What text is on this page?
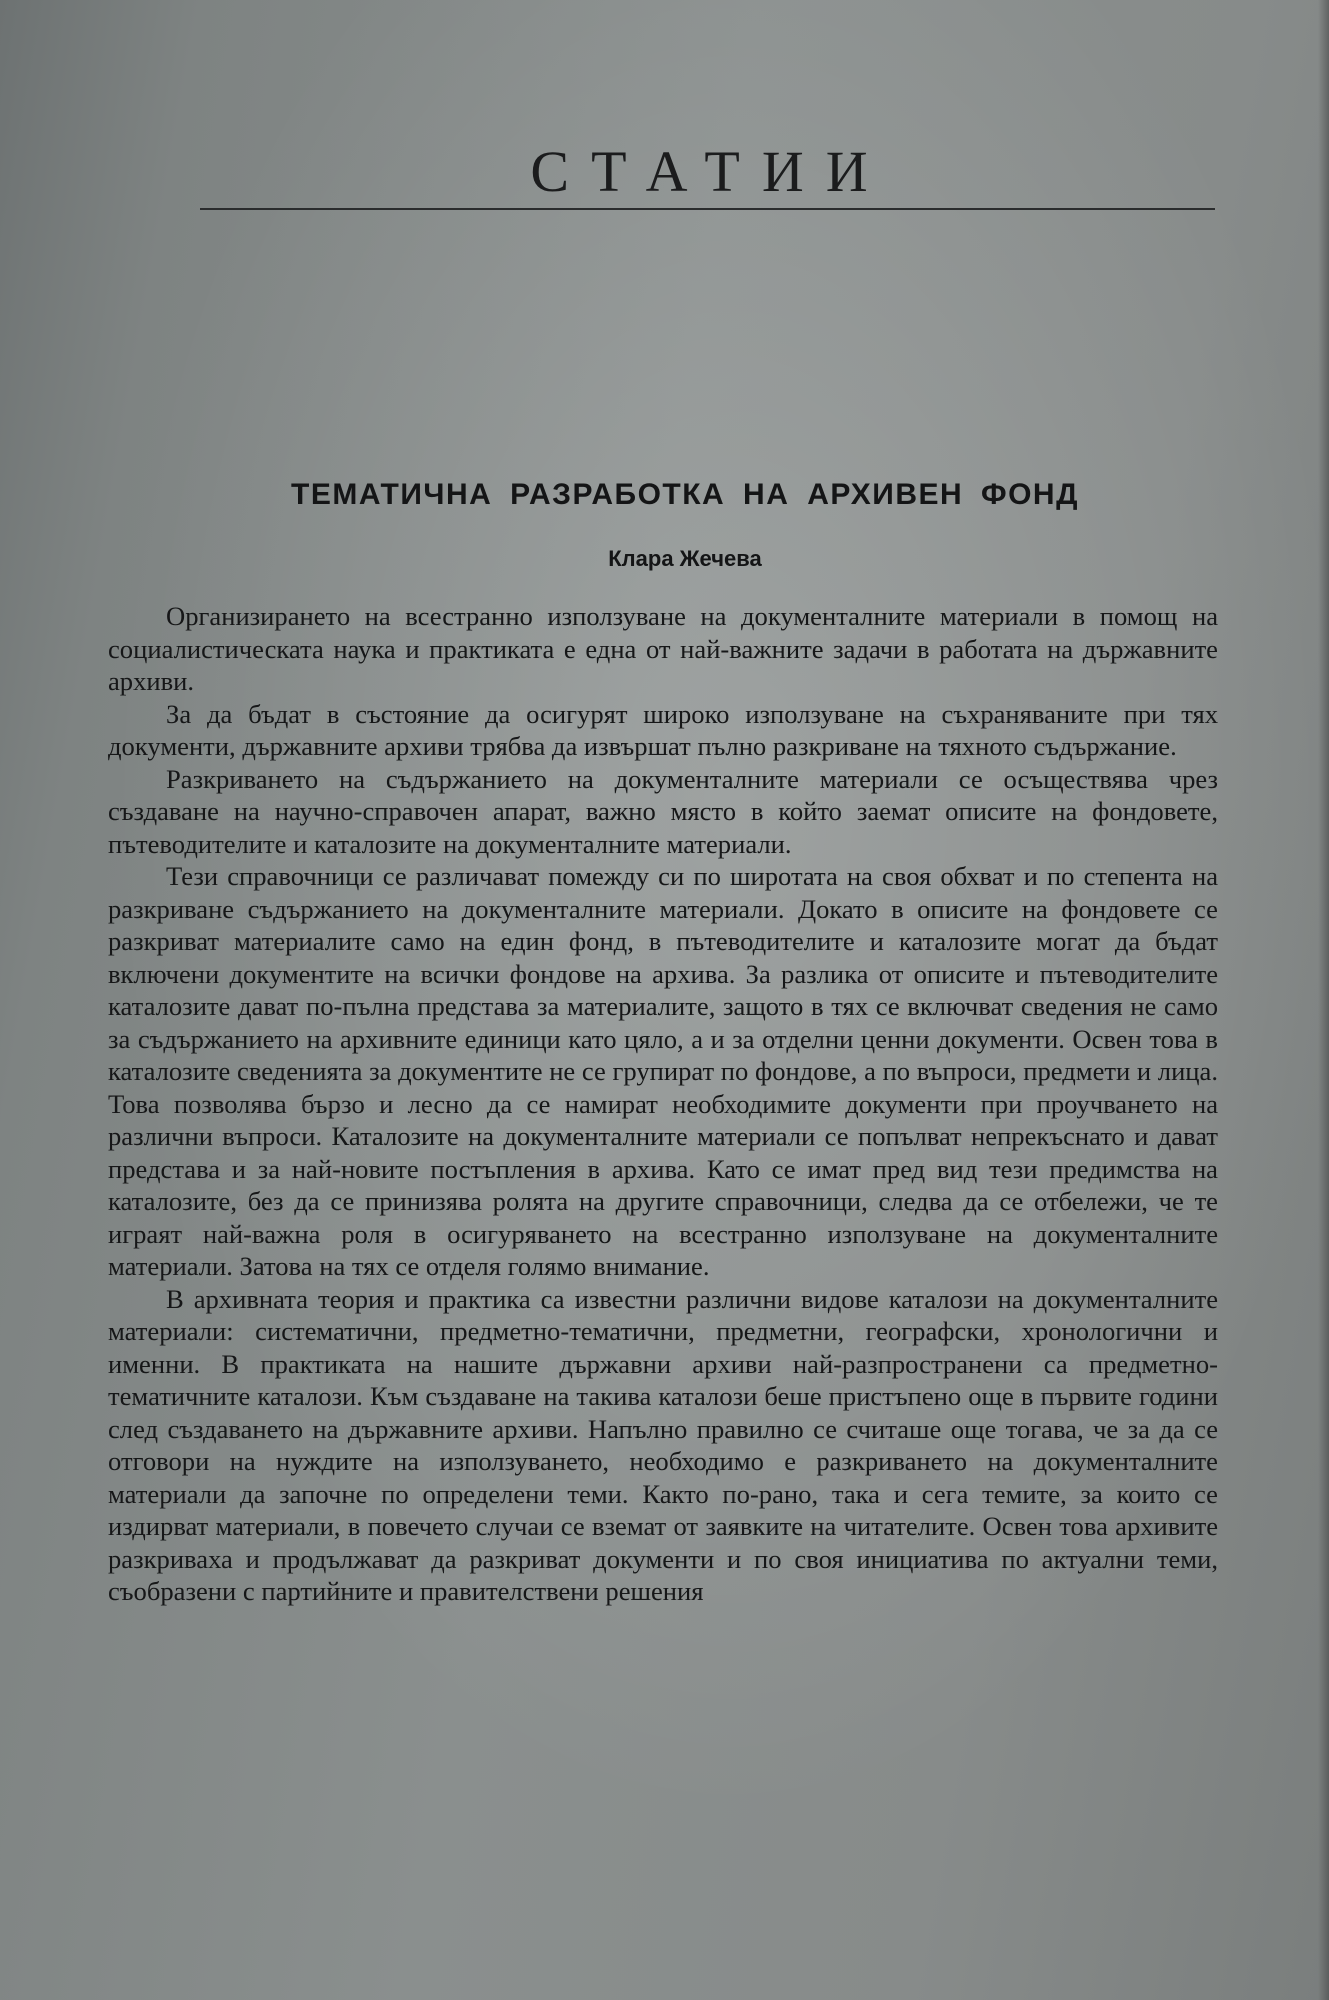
СТАТИИ
ТЕМАТИЧНА РАЗРАБОТКА НА АРХИВЕН ФОНД
Клара Жечева

Организирането на всестранно използуване на документалните материали в помощ на социалистическата наука и практиката е една от най-важните задачи в работата на държавните архиви.

За да бъдат в състояние да осигурят широко използуване на съхраняваните при тях документи, държавните архиви трябва да извършат пълно разкриване на тяхното съдържание.

Разкриването на съдържанието на документалните материали се осъществява чрез създаване на научно-справочен апарат, важно място в който заемат описите на фондовете, пътеводителите и каталозите на документалните материали.

Тези справочници се различават помежду си по широтата на своя обхват и по степента на разкриване съдържанието на документалните материали. Докато в описите на фондовете се разкриват материалите само на един фонд, в пътеводителите и каталозите могат да бъдат включени документите на всички фондове на архива. За разлика от описите и пътеводителите каталозите дават по-пълна представа за материалите, защото в тях се включват сведения не само за съдържанието на архивните единици като цяло, а и за отделни ценни документи. Освен това в каталозите сведенията за документите не се групират по фондове, а по въпроси, предмети и лица. Това позволява бързо и лесно да се намират необходимите документи при проучването на различни въпроси. Каталозите на документалните материали се попълват непрекъснато и дават представа и за най-новите постъпления в архива. Като се имат пред вид тези предимства на каталозите, без да се принизява ролята на другите справочници, следва да се отбележи, че те играят най-важна роля в осигуряването на всестранно използуване на документалните материали. Затова на тях се отделя голямо внимание.

В архивната теория и практика са известни различни видове каталози на документалните материали: систематични, предметно-тематични, предметни, географски, хронологични и именни. В практиката на нашите държавни архиви най-разпространени са предметно-тематичните каталози. Към създаване на такива каталози беше пристъпено още в първите години след създаването на държавните архиви. Напълно правилно се считаше още тогава, че за да се отговори на нуждите на използуването, необходимо е разкриването на документалните материали да започне по определени теми. Както по-рано, така и сега темите, за които се издирват материали, в повечето случаи се вземат от заявките на читателите. Освен това архивите разкриваха и продължават да разкриват документи и по своя инициатива по актуални теми, съобразени с партийните и правителствени решения
